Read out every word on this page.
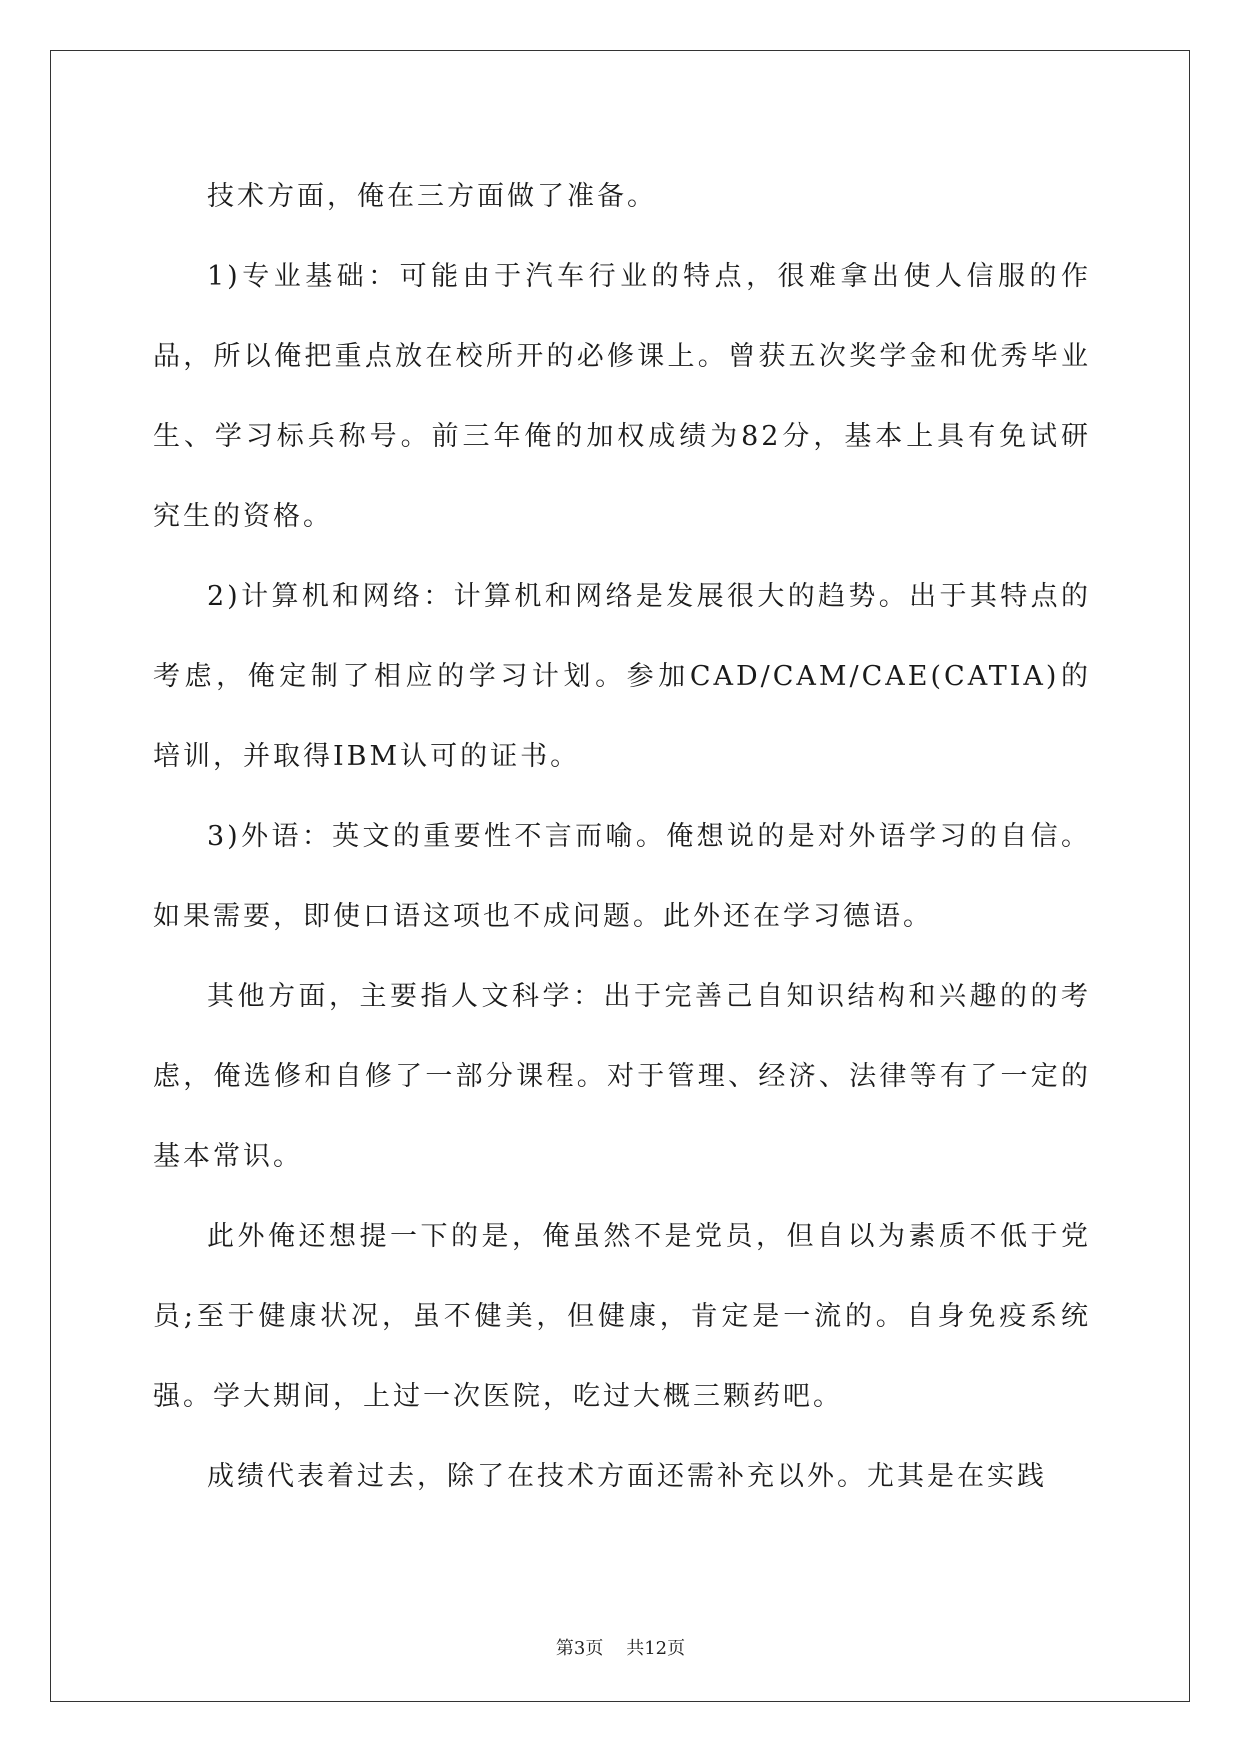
技术方面，俺在三方面做了准备。

1)专业基础：可能由于汽车行业的特点，很难拿出使人信服的作品，所以俺把重点放在校所开的必修课上。曾获五次奖学金和优秀毕业生、学习标兵称号。前三年俺的加权成绩为82分，基本上具有免试研究生的资格。

2)计算机和网络：计算机和网络是发展很大的趋势。出于其特点的考虑，俺定制了相应的学习计划。参加CAD/CAM/CAE(CATIA)的培训，并取得IBM认可的证书。

3)外语：英文的重要性不言而喻。俺想说的是对外语学习的自信。如果需要，即使口语这项也不成问题。此外还在学习德语。

其他方面，主要指人文科学：出于完善己自知识结构和兴趣的的考虑，俺选修和自修了一部分课程。对于管理、经济、法律等有了一定的基本常识。

此外俺还想提一下的是，俺虽然不是党员，但自以为素质不低于党员;至于健康状况，虽不健美，但健康，肯定是一流的。自身免疫系统强。学大期间，上过一次医院，吃过大概三颗药吧。

成绩代表着过去，除了在技术方面还需补充以外。尤其是在实践

第3页 共12页
